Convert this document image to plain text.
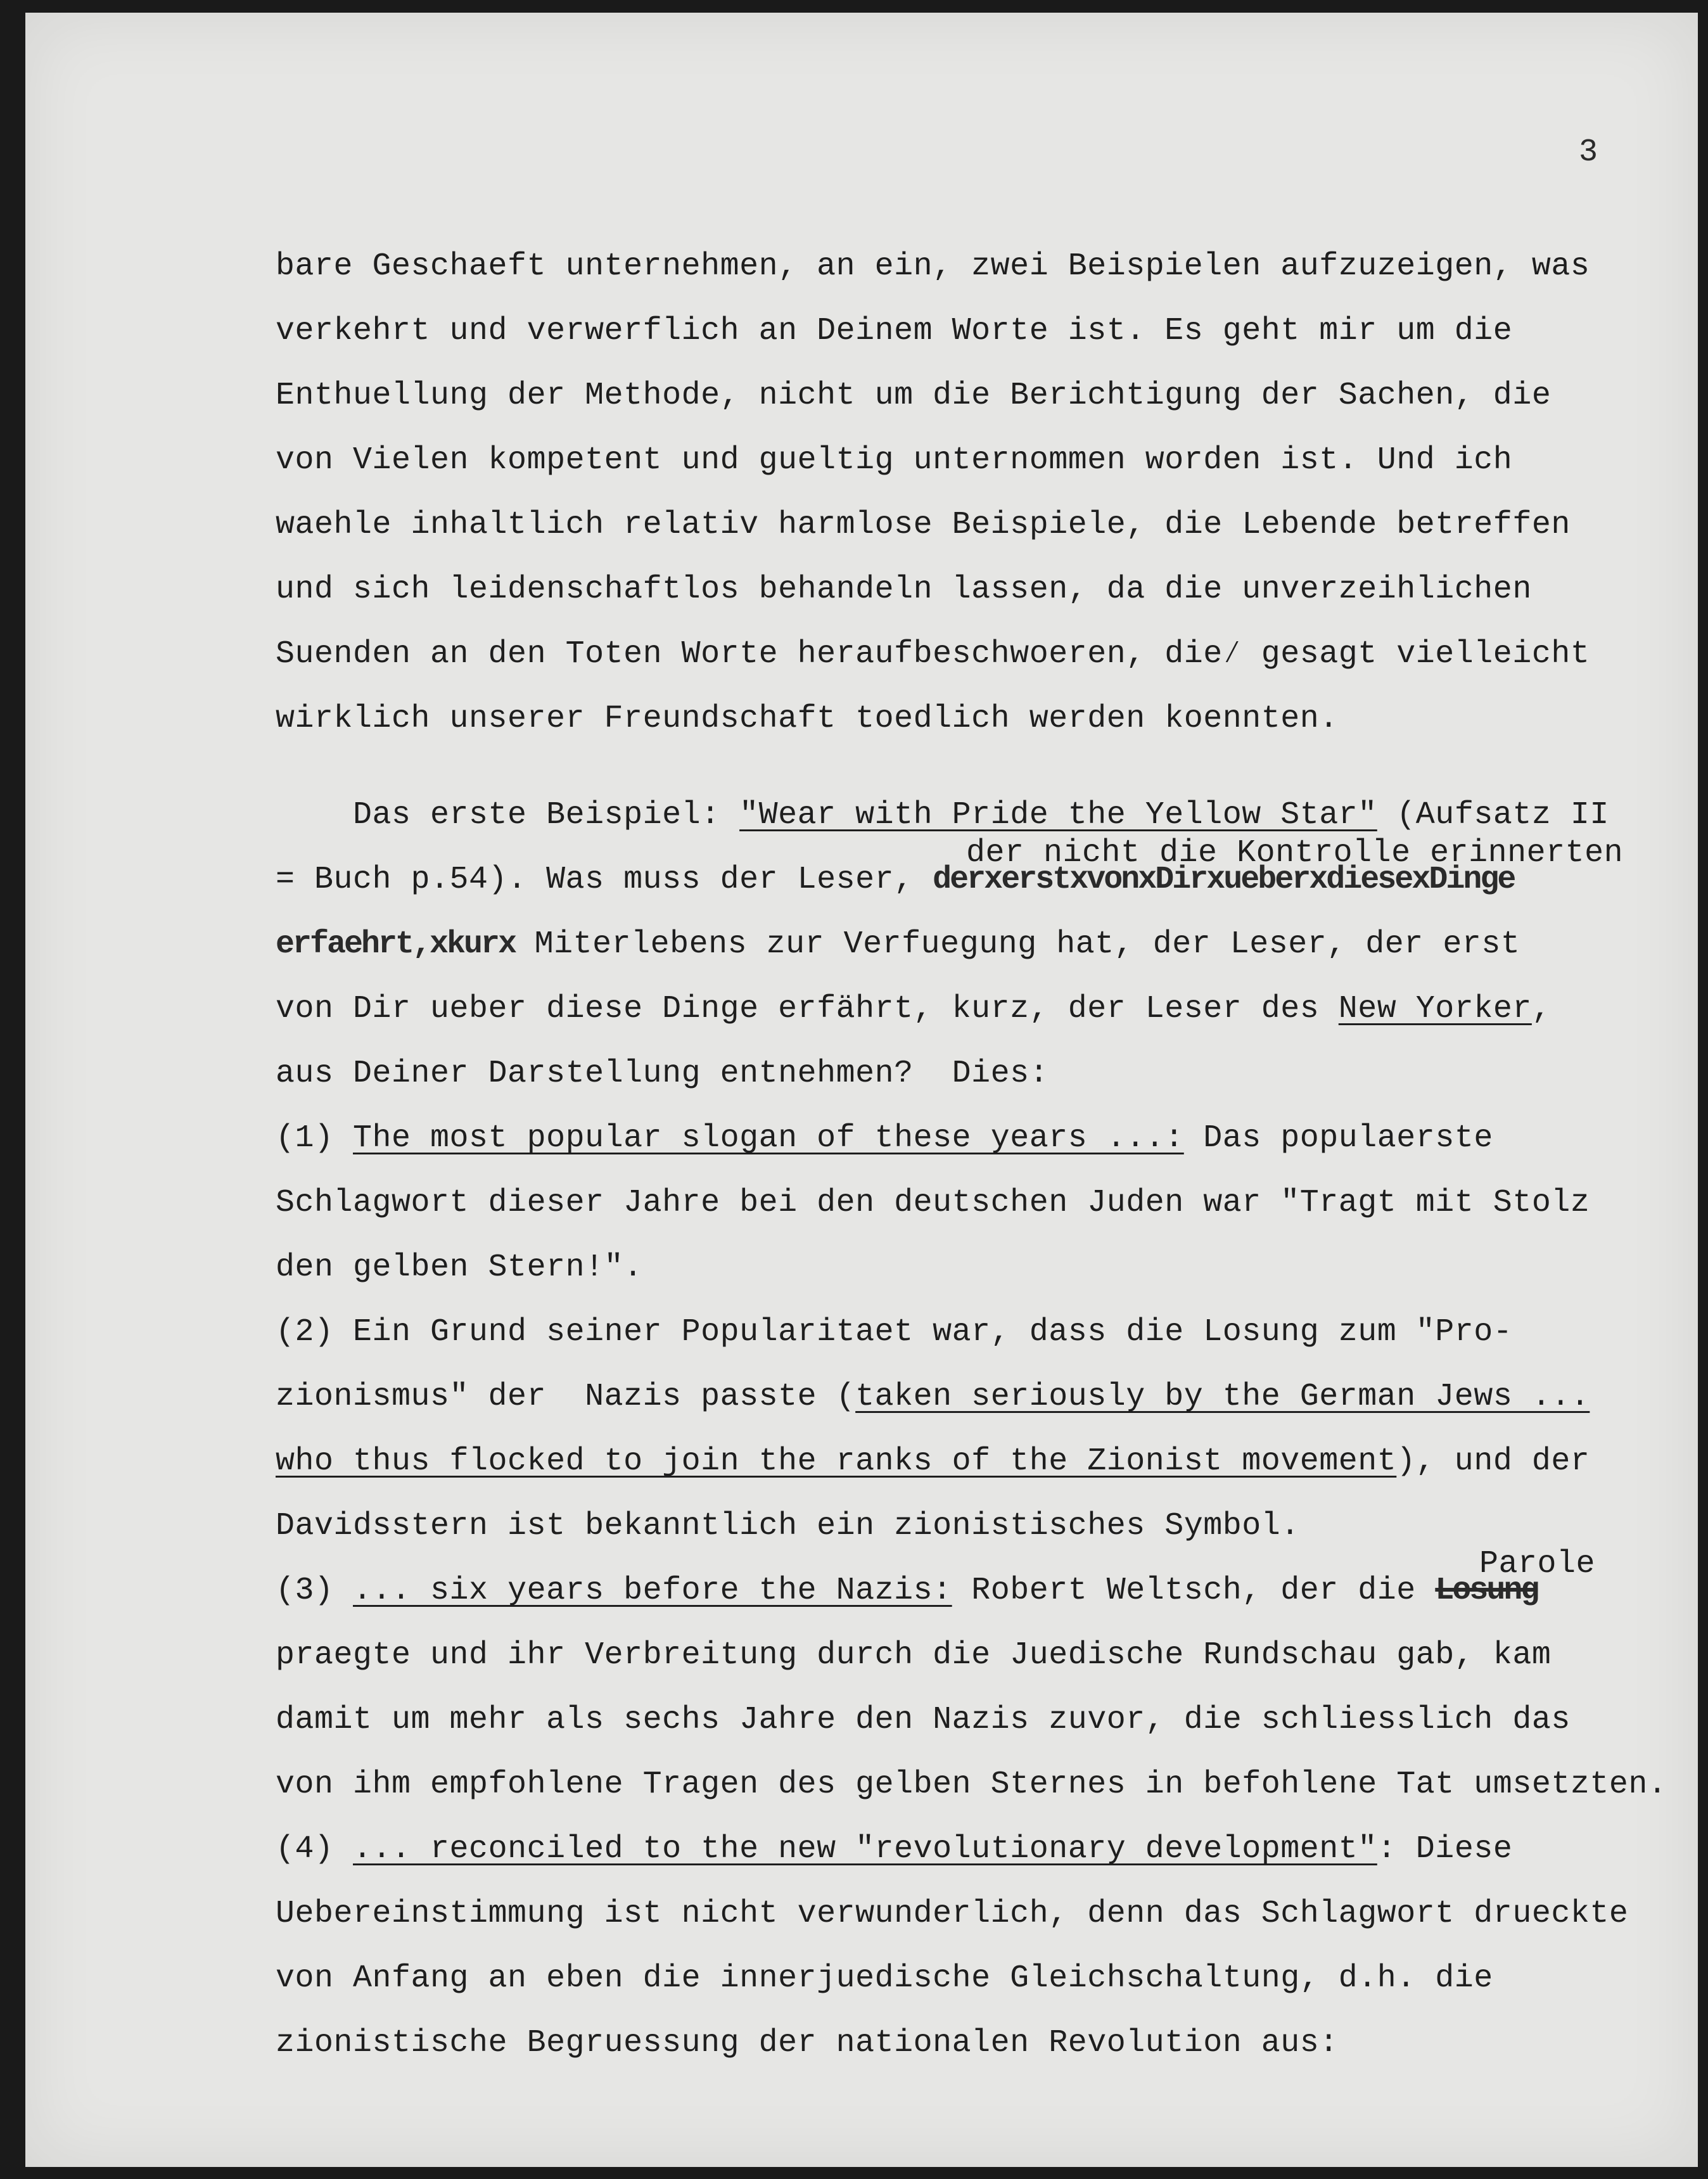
3
bare Geschaeft unternehmen, an ein, zwei Beispielen aufzuzeigen, was
verkehrt und verwerflich an Deinem Worte ist. Es geht mir um die
Enthuellung der Methode, nicht um die Berichtigung der Sachen, die
von Vielen kompetent und gueltig unternommen worden ist. Und ich
waehle inhaltlich relativ harmlose Beispiele, die Lebende betreffen
und sich leidenschaftlos behandeln lassen, da die unverzeihlichen
Suenden an den Toten Worte heraufbeschwoeren, die⁄ gesagt vielleicht
wirklich unserer Freundschaft toedlich werden koennten.
Das erste Beispiel: "Wear with Pride the Yellow Star" (Aufsatz II
der nicht die Kontrolle erinnerten
= Buch p.54). Was muss der Leser, derxerstxvonxDirxueberxdiesexDinge
erfaehrt,xkurx Miterlebens zur Verfuegung hat, der Leser, der erst
von Dir ueber diese Dinge erfährt, kurz, der Leser des New Yorker,
aus Deiner Darstellung entnehmen?  Dies:
(1) The most popular slogan of these years ...: Das populaerste
Schlagwort dieser Jahre bei den deutschen Juden war "Tragt mit Stolz
den gelben Stern!".
(2) Ein Grund seiner Popularitaet war, dass die Losung zum "Pro-
zionismus" der  Nazis passte (taken seriously by the German Jews ...
who thus flocked to join the ranks of the Zionist movement), und der
Davidsstern ist bekanntlich ein zionistisches Symbol.
Parole
(3) ... six years before the Nazis: Robert Weltsch, der die Losung
praegte und ihr Verbreitung durch die Juedische Rundschau gab, kam
damit um mehr als sechs Jahre den Nazis zuvor, die schliesslich das
von ihm empfohlene Tragen des gelben Sternes in befohlene Tat umsetzten.
(4) ... reconciled to the new "revolutionary development": Diese
Uebereinstimmung ist nicht verwunderlich, denn das Schlagwort drueckte
von Anfang an eben die innerjuedische Gleichschaltung, d.h. die
zionistische Begruessung der nationalen Revolution aus:
